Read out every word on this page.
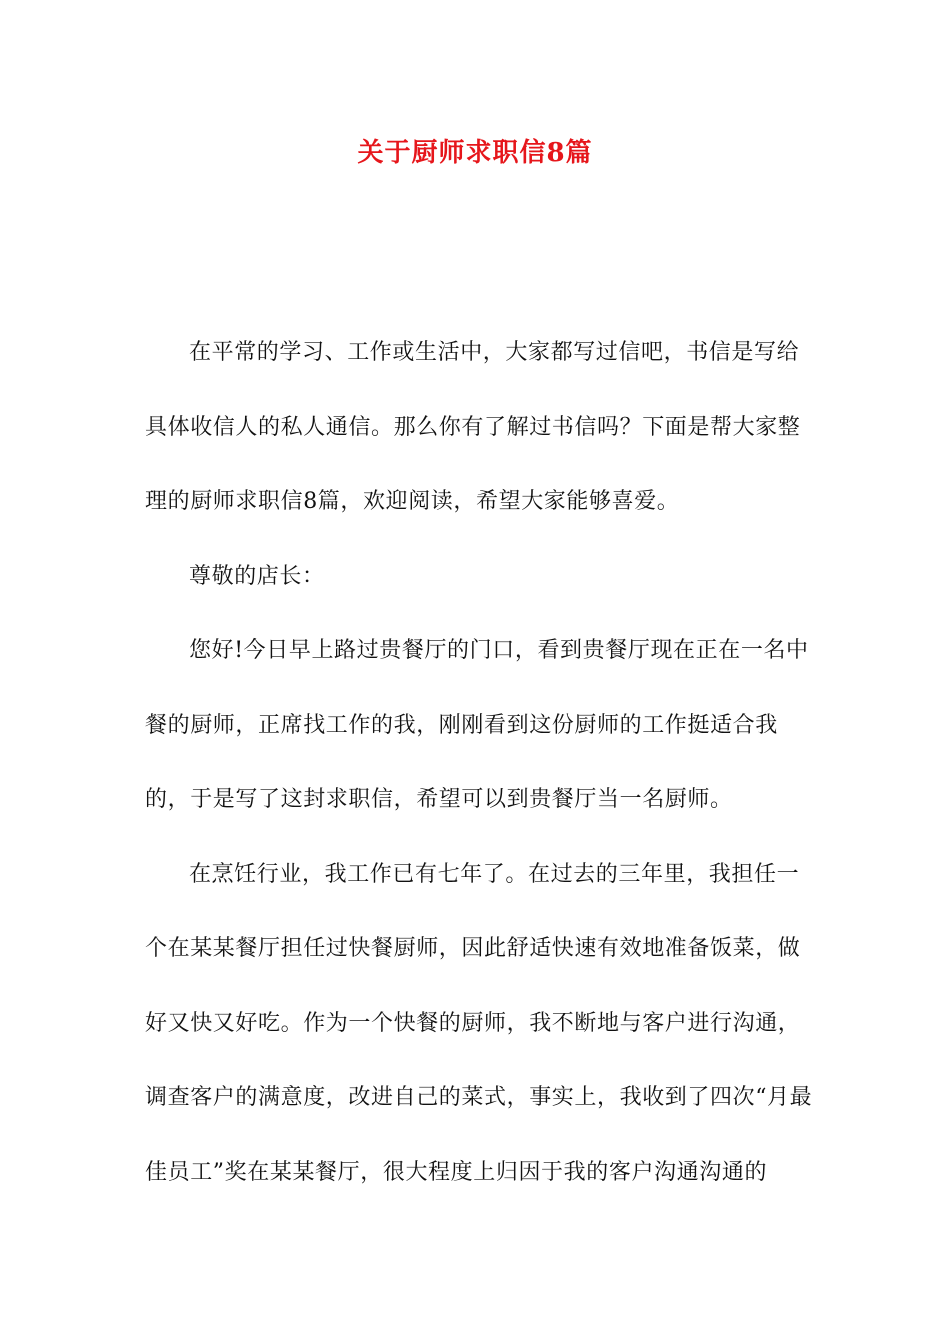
关于厨师求职信8篇

在平常的学习、工作或生活中，大家都写过信吧，书信是写给具体收信人的私人通信。那么你有了解过书信吗？下面是帮大家整理的厨师求职信8篇，欢迎阅读，希望大家能够喜爱。

尊敬的店长：

您好!今日早上路过贵餐厅的门口，看到贵餐厅现在正在一名中餐的厨师，正席找工作的我，刚刚看到这份厨师的工作挺适合我的，于是写了这封求职信，希望可以到贵餐厅当一名厨师。

在烹饪行业，我工作已有七年了。在过去的三年里，我担任一个在某某餐厅担任过快餐厨师，因此舒适快速有效地准备饭菜，做好又快又好吃。作为一个快餐的厨师，我不断地与客户进行沟通，调查客户的满意度，改进自己的菜式，事实上，我收到了四次“月最佳员工”奖在某某餐厅，很大程度上归因于我的客户沟通沟通的
